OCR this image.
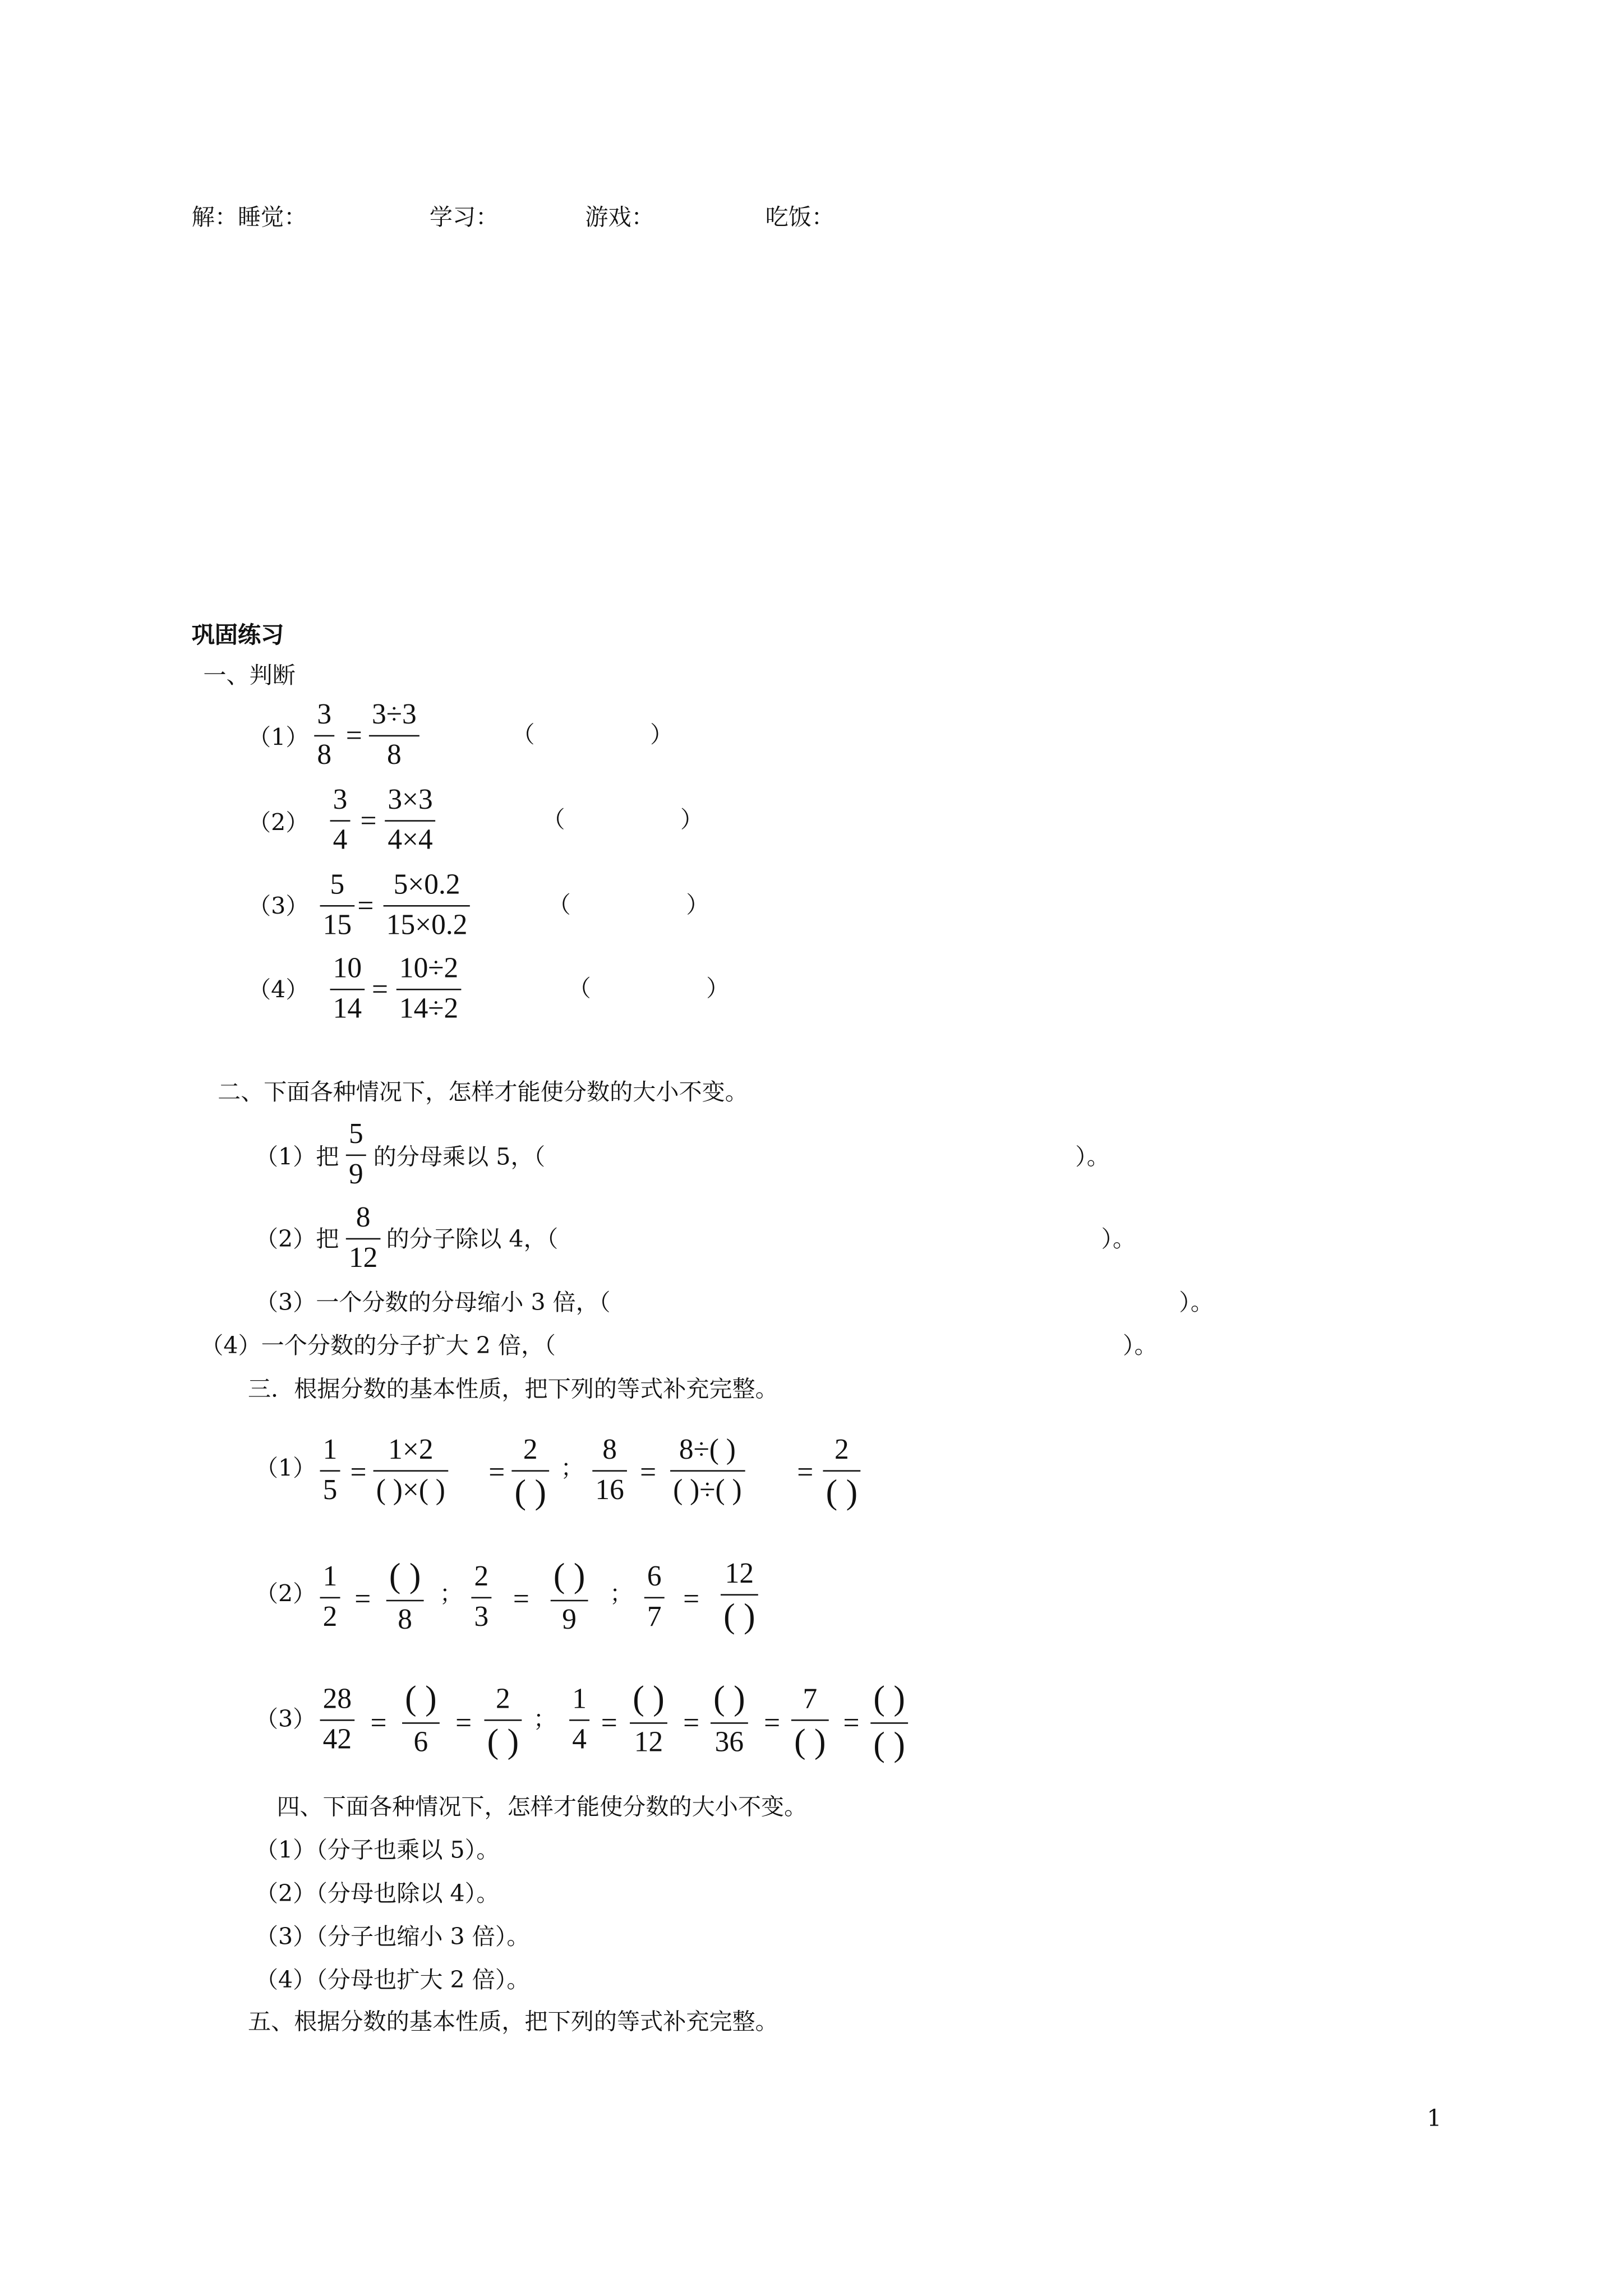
解：睡觉：	学习：	游戏：	吃饭：
巩固练习
一、判断
（1）
3
8
=
3÷3
8
（　　　　　）
（2）
3
4
=
3×3
4×4
（　　　　　）
（3）
5
15
=
5×0.2
15×0.2
（　　　　　）
（4）
10
14
=
10÷2
14÷2
（　　　　　）
二、下面各种情况下，怎样才能使分数的大小不变。
（1）把
5
9
的分母乘以 5，（	）。
（2）把
8
12
的分子除以 4，（	）。
（3）一个分数的分母缩小 3 倍，（	）。
（4）一个分数的分子扩大 2 倍，（	）。
三．根据分数的基本性质，把下列的等式补充完整。
（1）
1
5
=
1×2
( )×( )
=
2
( )
；
8
16
=
8÷( )
( )÷( )
=
2
( )
（2）
1
2
=
( )
8
；
2
3
=
( )
9
；
6
7
=
12
( )
（3）
28
42 =
( )
6
=
2
( )
；
1
4 =
( )
12
=
( )
36
=
7
( ) =
( )
( )
四、下面各种情况下，怎样才能使分数的大小不变。
（1）（分子也乘以 5）。
（2）（分母也除以 4）。
（3）（分子也缩小 3 倍）。
（4）（分母也扩大 2 倍）。
五、根据分数的基本性质，把下列的等式补充完整。
1
